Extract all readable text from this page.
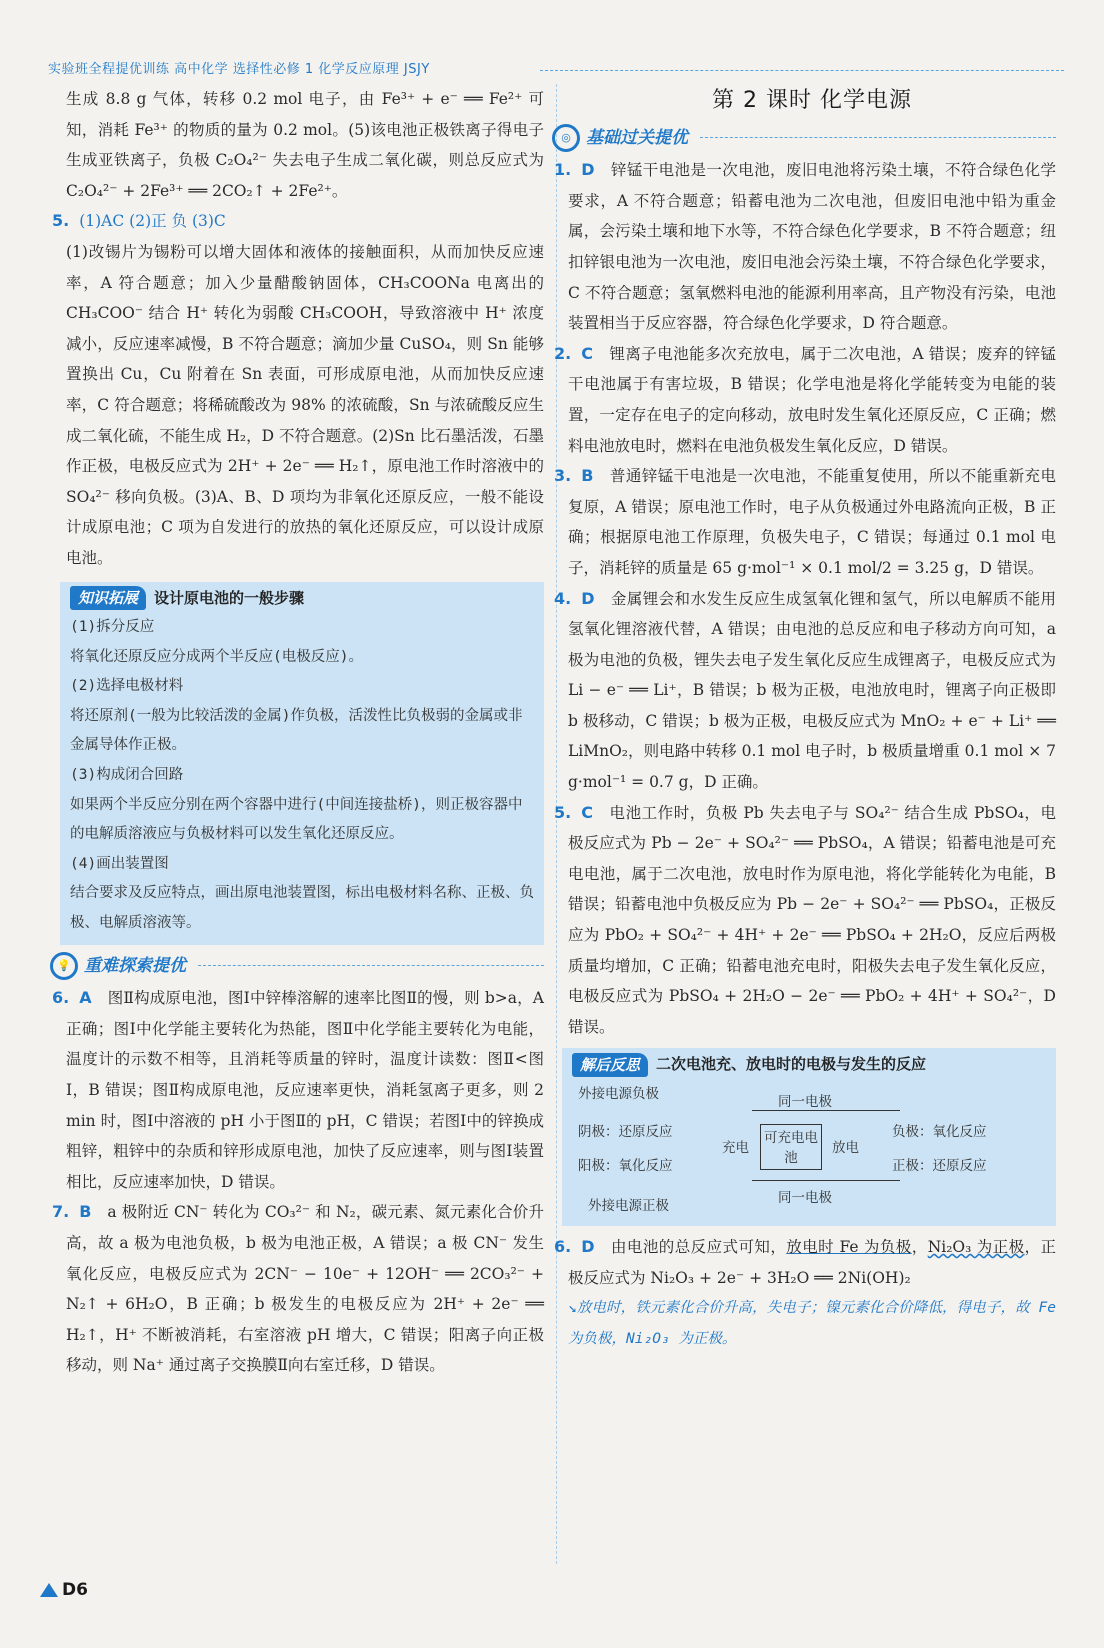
实验班全程提优训练 高中化学 选择性必修 1 化学反应原理 JSJY

生成 8.8 g 气体，转移 0.2 mol 电子，由 Fe³⁺ + e⁻ ══ Fe²⁺ 可知，消耗 Fe³⁺ 的物质的量为 0.2 mol。(5)该电池正极铁离子得电子生成亚铁离子，负极 C₂O₄²⁻ 失去电子生成二氧化碳，则总反应式为 C₂O₄²⁻ + 2Fe³⁺ ══ 2CO₂↑ + 2Fe²⁺。

5. (1)AC (2)正 负 (3)C

(1)改锡片为锡粉可以增大固体和液体的接触面积，从而加快反应速率，A 符合题意；加入少量醋酸钠固体，CH₃COONa 电离出的 CH₃COO⁻ 结合 H⁺ 转化为弱酸 CH₃COOH，导致溶液中 H⁺ 浓度减小，反应速率减慢，B 不符合题意；滴加少量 CuSO₄，则 Sn 能够置换出 Cu，Cu 附着在 Sn 表面，可形成原电池，从而加快反应速率，C 符合题意；将稀硫酸改为 98% 的浓硫酸，Sn 与浓硫酸反应生成二氧化硫，不能生成 H₂，D 不符合题意。(2)Sn 比石墨活泼，石墨作正极，电极反应式为 2H⁺ + 2e⁻ ══ H₂↑，原电池工作时溶液中的 SO₄²⁻ 移向负极。(3)A、B、D 项均为非氧化还原反应，一般不能设计成原电池；C 项为自发进行的放热的氧化还原反应，可以设计成原电池。

知识拓展	设计原电池的一般步骤
(1)拆分反应
将氧化还原反应分成两个半反应(电极反应)。
(2)选择电极材料
将还原剂(一般为比较活泼的金属)作负极，活泼性比负极弱的金属或非金属导体作正极。
(3)构成闭合回路
如果两个半反应分别在两个容器中进行(中间连接盐桥)，则正极容器中的电解质溶液应与负极材料可以发生氧化还原反应。
(4)画出装置图
结合要求及反应特点，画出原电池装置图，标出电极材料名称、正极、负极、电解质溶液等。
💡 重难探索提优

6. A 图Ⅱ构成原电池，图Ⅰ中锌棒溶解的速率比图Ⅱ的慢，则 b>a，A 正确；图Ⅰ中化学能主要转化为热能，图Ⅱ中化学能主要转化为电能，温度计的示数不相等，且消耗等质量的锌时，温度计读数：图Ⅱ<图Ⅰ，B 错误；图Ⅱ构成原电池，反应速率更快，消耗氢离子更多，则 2 min 时，图Ⅰ中溶液的 pH 小于图Ⅱ的 pH，C 错误；若图Ⅰ中的锌换成粗锌，粗锌中的杂质和锌形成原电池，加快了反应速率，则与图Ⅰ装置相比，反应速率加快，D 错误。

7. B a 极附近 CN⁻ 转化为 CO₃²⁻ 和 N₂，碳元素、氮元素化合价升高，故 a 极为电池负极，b 极为电池正极，A 错误；a 极 CN⁻ 发生氧化反应，电极反应式为 2CN⁻ − 10e⁻ + 12OH⁻ ══ 2CO₃²⁻ + N₂↑ + 6H₂O，B 正确；b 极发生的电极反应为 2H⁺ + 2e⁻ ══ H₂↑，H⁺ 不断被消耗，右室溶液 pH 增大，C 错误；阳离子向正极移动，则 Na⁺ 通过离子交换膜Ⅱ向右室迁移，D 错误。

第 2 课时 化学电源
◎ 基础过关提优

1. D 锌锰干电池是一次电池，废旧电池将污染土壤，不符合绿色化学要求，A 不符合题意；铅蓄电池为二次电池，但废旧电池中铅为重金属，会污染土壤和地下水等，不符合绿色化学要求，B 不符合题意；纽扣锌银电池为一次电池，废旧电池会污染土壤，不符合绿色化学要求，C 不符合题意；氢氧燃料电池的能源利用率高，且产物没有污染，电池装置相当于反应容器，符合绿色化学要求，D 符合题意。

2. C 锂离子电池能多次充放电，属于二次电池，A 错误；废弃的锌锰干电池属于有害垃圾，B 错误；化学电池是将化学能转变为电能的装置，一定存在电子的定向移动，放电时发生氧化还原反应，C 正确；燃料电池放电时，燃料在电池负极发生氧化反应，D 错误。

3. B 普通锌锰干电池是一次电池，不能重复使用，所以不能重新充电复原，A 错误；原电池工作时，电子从负极通过外电路流向正极，B 正确；根据原电池工作原理，负极失电子，C 错误；每通过 0.1 mol 电子，消耗锌的质量是 65 g·mol⁻¹ × 0.1 mol/2 = 3.25 g，D 错误。

4. D 金属锂会和水发生反应生成氢氧化锂和氢气，所以电解质不能用氢氧化锂溶液代替，A 错误；由电池的总反应和电子移动方向可知，a 极为电池的负极，锂失去电子发生氧化反应生成锂离子，电极反应式为 Li − e⁻ ══ Li⁺，B 错误；b 极为正极，电池放电时，锂离子向正极即 b 极移动，C 错误；b 极为正极，电极反应式为 MnO₂ + e⁻ + Li⁺ ══ LiMnO₂，则电路中转移 0.1 mol 电子时，b 极质量增重 0.1 mol × 7 g·mol⁻¹ = 0.7 g，D 正确。

5. C 电池工作时，负极 Pb 失去电子与 SO₄²⁻ 结合生成 PbSO₄，电极反应式为 Pb − 2e⁻ + SO₄²⁻ ══ PbSO₄，A 错误；铅蓄电池是可充电电池，属于二次电池，放电时作为原电池，将化学能转化为电能，B 错误；铅蓄电池中负极反应为 Pb − 2e⁻ + SO₄²⁻ ══ PbSO₄，正极反应为 PbO₂ + SO₄²⁻ + 4H⁺ + 2e⁻ ══ PbSO₄ + 2H₂O，反应后两极质量均增加，C 正确；铅蓄电池充电时，阳极失去电子发生氧化反应，电极反应式为 PbSO₄ + 2H₂O − 2e⁻ ══ PbO₂ + 4H⁺ + SO₄²⁻，D 错误。

解后反思	二次电池充、放电时的电极与发生的反应
外接电源负极	同一电极
阴极：还原反应
充电
可充电电池
放电
负极：氧化反应
阳极：氧化反应	正极：还原反应
同一电极
外接电源正极

6. D 由电池的总反应式可知，放电时 Fe 为负极，Ni₂O₃ 为正极，正极反应式为 Ni₂O₃ + 2e⁻ + 3H₂O ══ 2Ni(OH)₂

↘放电时，铁元素化合价升高，失电子；镍元素化合价降低，得电子，故 Fe 为负极，Ni₂O₃ 为正极。

D6
